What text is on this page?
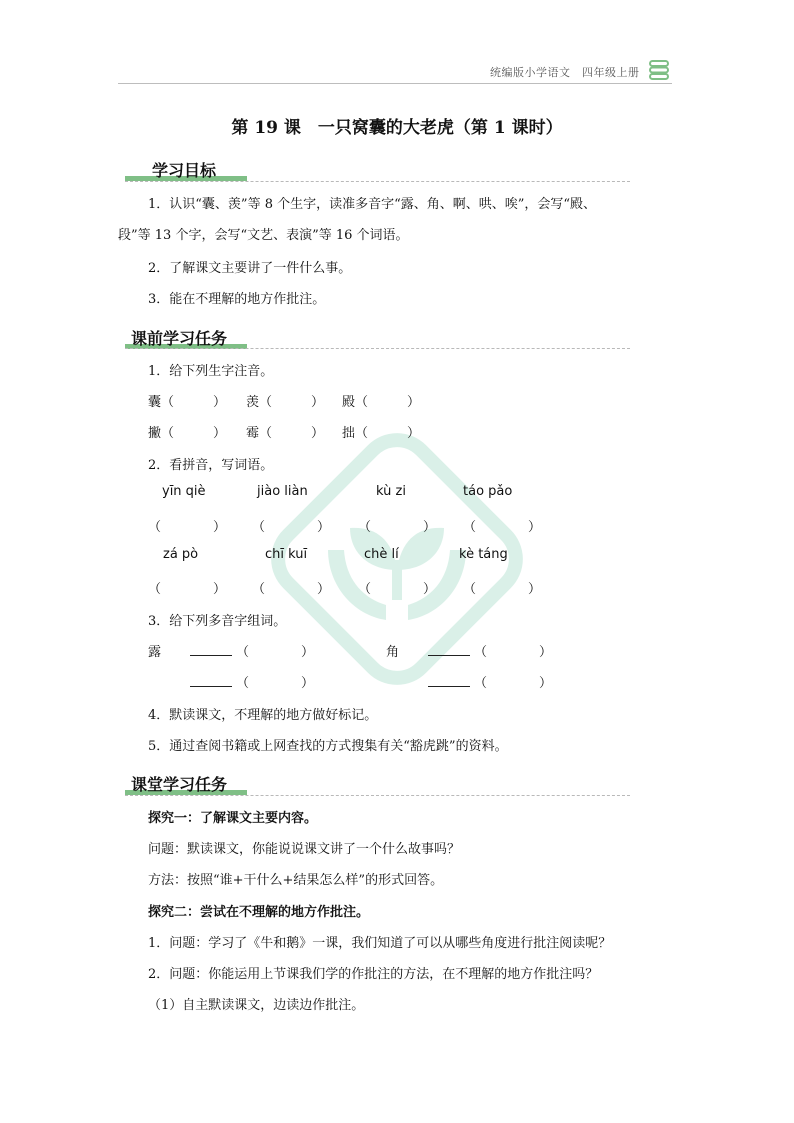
统编版小学语文　四年级上册
第 19 课　一只窝囊的大老虎（第 1 课时）
学习目标
1．认识“囊、羡”等 8 个生字，读准多音字“露、角、啊、哄、唉”，会写“殿、
段”等 13 个字，会写“文艺、表演”等 16 个词语。
2．了解课文主要讲了一件什么事。
3．能在不理解的地方作批注。
课前学习任务
1．给下列生字注音。
囊（　　　） 羡（　　　） 殿（　　　）
撇（　　　） 霉（　　　） 拙（　　　）
2．看拼音，写词语。
yīn qiè	jiào liàn	kù zi	táo pǎo
（　　　　） （　　　　） （　　　　） （　　　　）
zá pò	chī kuī	chè lí	kè táng
（　　　　） （　　　　） （　　　　） （　　　　）
3．给下列多音字组词。
露	（　　　　）	角	（　　　　）
（　　　　）	（　　　　）
4．默读课文，不理解的地方做好标记。
5．通过查阅书籍或上网查找的方式搜集有关“豁虎跳”的资料。
课堂学习任务
探究一：了解课文主要内容。
问题：默读课文，你能说说课文讲了一个什么故事吗？
方法：按照“谁+干什么+结果怎么样”的形式回答。
探究二：尝试在不理解的地方作批注。
1．问题：学习了《牛和鹅》一课，我们知道了可以从哪些角度进行批注阅读呢？
2．问题：你能运用上节课我们学的作批注的方法，在不理解的地方作批注吗？
（1）自主默读课文，边读边作批注。
